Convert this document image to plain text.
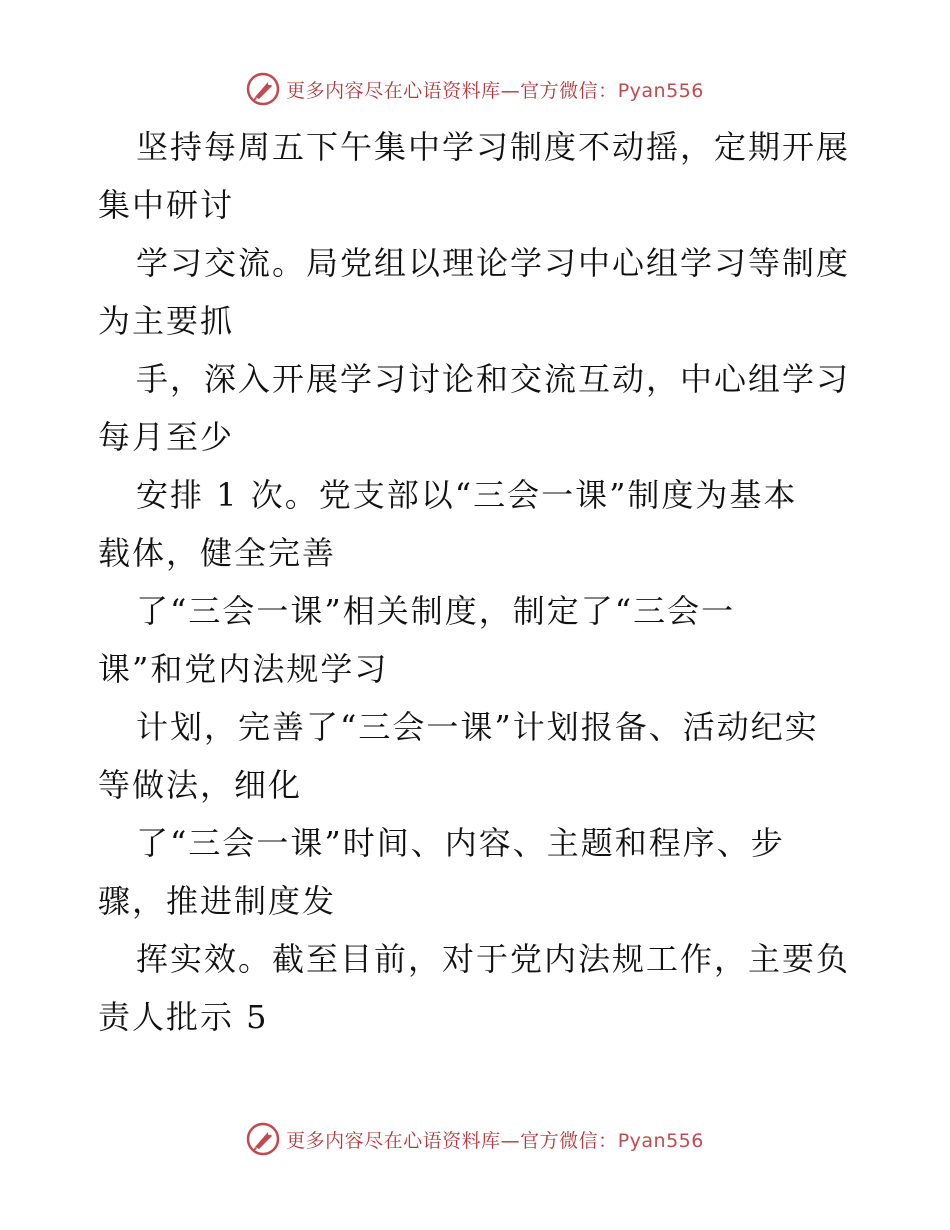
更多内容尽在心语资料库—官方微信：Pyan556
坚持每周五下午集中学习制度不动摇，定期开展
集中研讨
学习交流。局党组以理论学习中心组学习等制度
为主要抓
手，深入开展学习讨论和交流互动，中心组学习
每月至少
安排 1 次。党支部以“三会一课”制度为基本
载体，健全完善
了“三会一课”相关制度，制定了“三会一
课”和党内法规学习
计划，完善了“三会一课”计划报备、活动纪实
等做法，细化
了“三会一课”时间、内容、主题和程序、步
骤，推进制度发
挥实效。截至目前，对于党内法规工作，主要负
责人批示 5
更多内容尽在心语资料库—官方微信：Pyan556
